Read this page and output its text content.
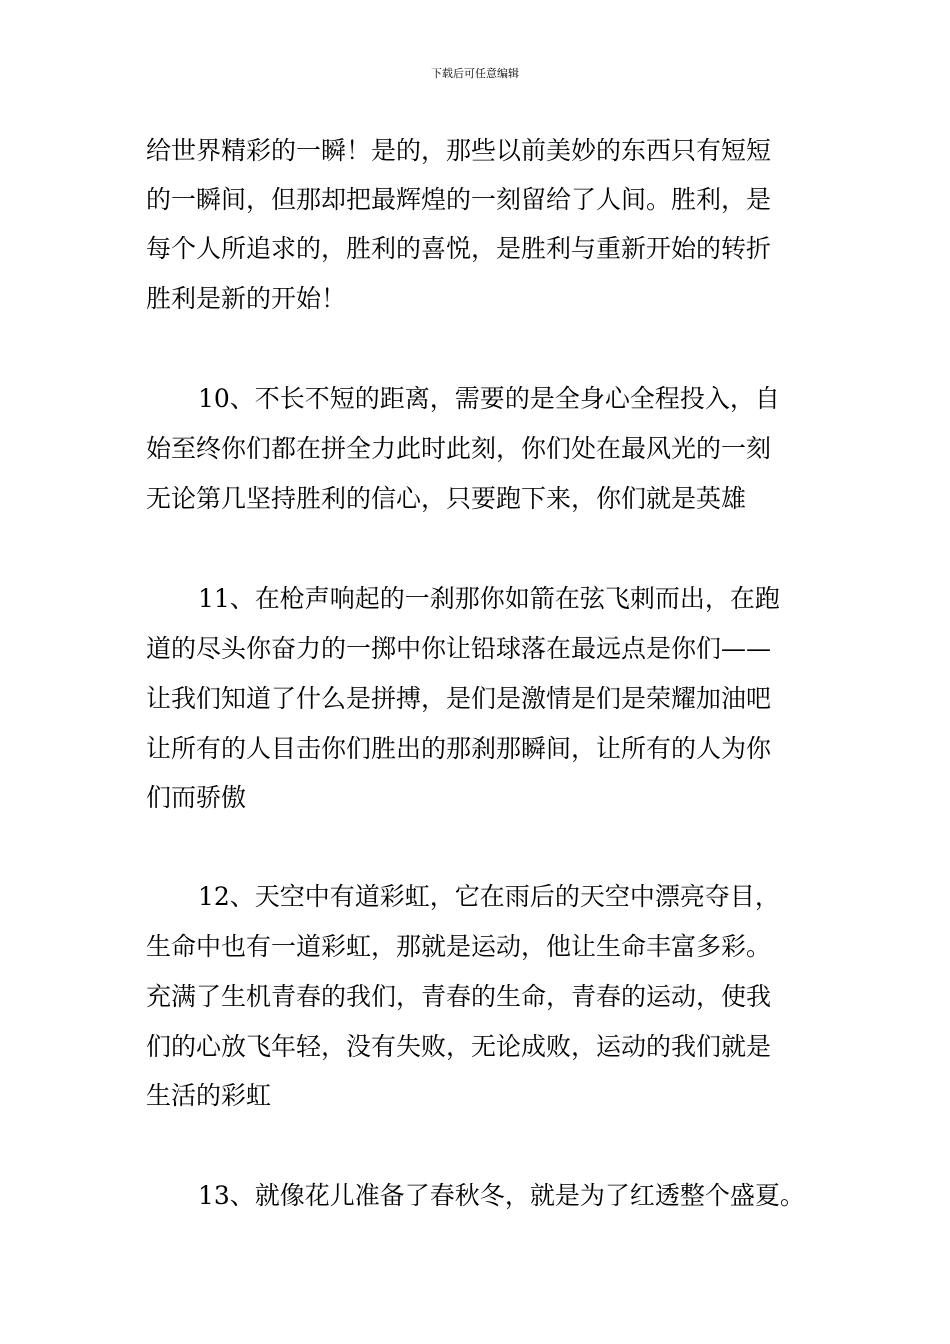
下载后可任意编辑
给世界精彩的一瞬！是的，那些以前美妙的东西只有短短
的一瞬间，但那却把最辉煌的一刻留给了人间。胜利，是
每个人所追求的，胜利的喜悦，是胜利与重新开始的转折
胜利是新的开始！
10、不长不短的距离，需要的是全身心全程投入，自
始至终你们都在拼全力此时此刻，你们处在最风光的一刻
无论第几坚持胜利的信心，只要跑下来，你们就是英雄
11、在枪声响起的一刹那你如箭在弦飞刺而出，在跑
道的尽头你奋力的一掷中你让铅球落在最远点是你们——
让我们知道了什么是拼搏，是们是激情是们是荣耀加油吧
让所有的人目击你们胜出的那刹那瞬间，让所有的人为你
们而骄傲
12、天空中有道彩虹，它在雨后的天空中漂亮夺目，
生命中也有一道彩虹，那就是运动，他让生命丰富多彩。
充满了生机青春的我们，青春的生命，青春的运动，使我
们的心放飞年轻，没有失败，无论成败，运动的我们就是
生活的彩虹
13、就像花儿准备了春秋冬，就是为了红透整个盛夏。
